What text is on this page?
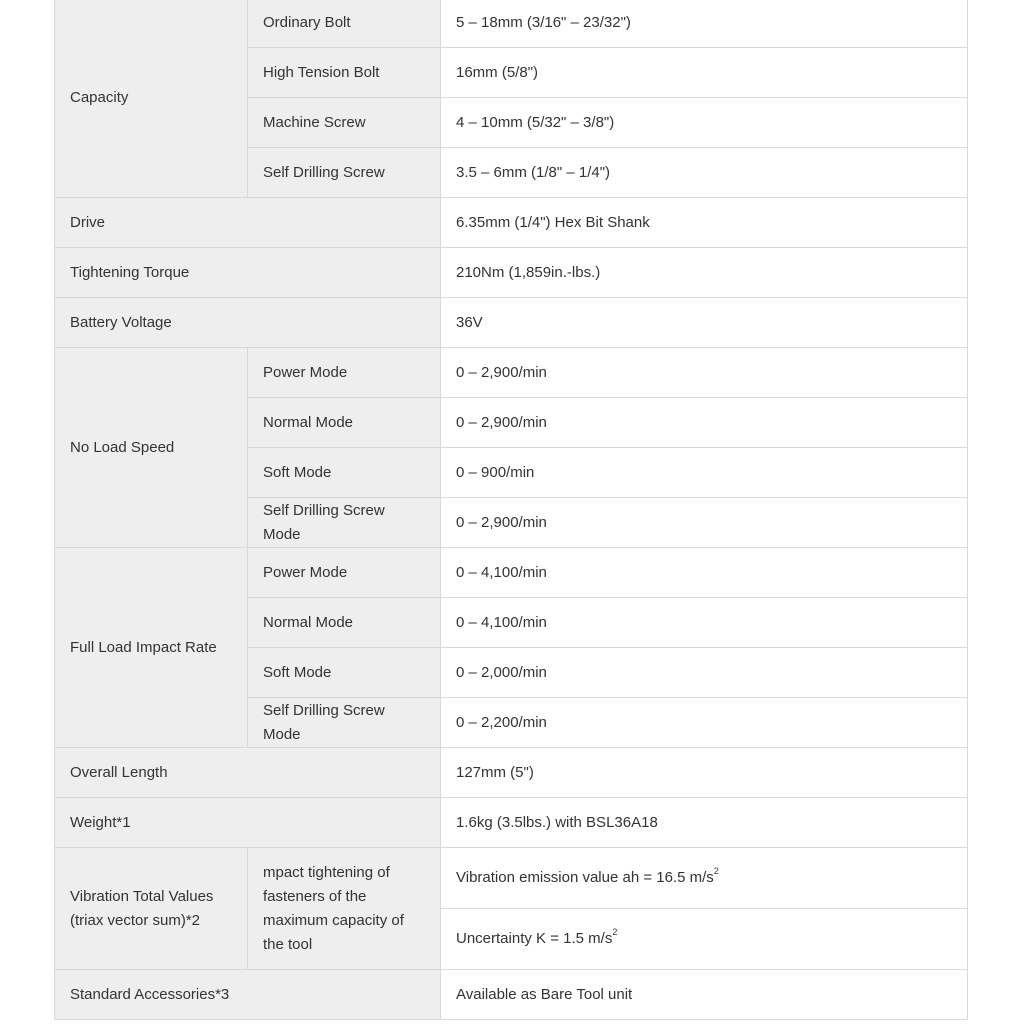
Capacity	Ordinary Bolt	5 – 18mm (3/16" – 23/32")
	High Tension Bolt	16mm (5/8")
	Machine Screw	4 – 10mm (5/32" – 3/8")
	Self Drilling Screw	3.5 – 6mm (1/8" – 1/4")
Drive		6.35mm (1/4") Hex Bit Shank
Tightening Torque		210Nm (1,859in.-lbs.)
Battery Voltage		36V
No Load Speed	Power Mode	0 – 2,900/min
	Normal Mode	0 – 2,900/min
	Soft Mode	0 – 900/min
	Self Drilling Screw Mode	0 – 2,900/min
Full Load Impact Rate	Power Mode	0 – 4,100/min
	Normal Mode	0 – 4,100/min
	Soft Mode	0 – 2,000/min
	Self Drilling Screw Mode	0 – 2,200/min
Overall Length		127mm (5")
Weight*1		1.6kg (3.5lbs.) with BSL36A18
Vibration Total Values (triax vector sum)*2	mpact tightening of fasteners of the maximum capacity of the tool	Vibration emission value ah = 16.5 $m/s^2$
		Uncertainty K = 1.5 $m/s^2$
Standard Accessories*3		Available as Bare Tool unit
